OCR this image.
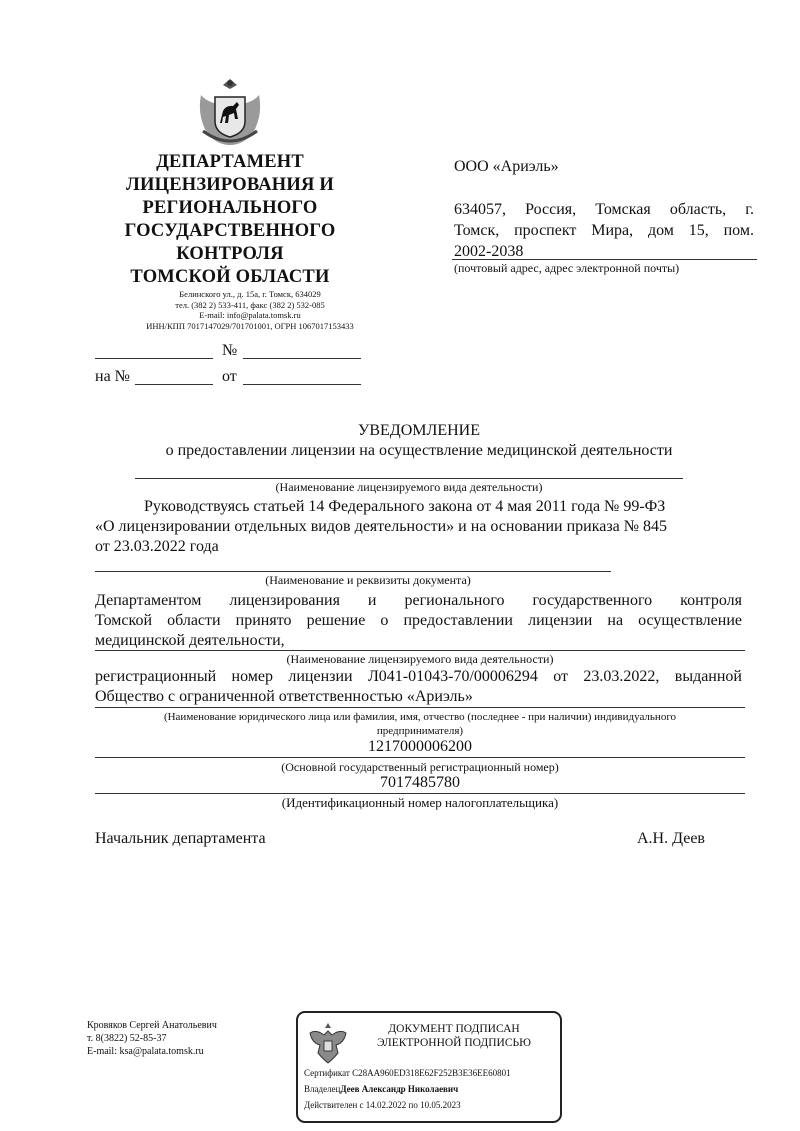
ДЕПАРТАМЕНТ
ЛИЦЕНЗИРОВАНИЯ И
РЕГИОНАЛЬНОГО
ГОСУДАРСТВЕННОГО
КОНТРОЛЯ
ТОМСКОЙ ОБЛАСТИ
Белинского ул., д. 15а, г. Томск, 634029
тел. (382 2) 533-411, факс (382 2) 532-085
E-mail: info@palata.tomsk.ru
ИНН/КПП 7017147029/701701001, ОГРН 1067017153433
№
на №	от
ООО «Ариэль»
634057, Россия, Томская область, г.
Томск, проспект Мира, дом 15, пом.
2002-2038
(почтовый адрес, адрес электронной почты)
УВЕДОМЛЕНИЕ
о предоставлении лицензии на осуществление медицинской деятельности
(Наименование лицензируемого вида деятельности)
Руководствуясь статьей 14 Федерального закона от 4 мая 2011 года № 99-ФЗ
«О лицензировании отдельных видов деятельности» и на основании приказа № 845
от 23.03.2022 года
(Наименование и реквизиты документа)
Департаментом лицензирования и регионального государственного контроля
Томской области принято решение о предоставлении лицензии на осуществление
медицинской деятельности,
(Наименование лицензируемого вида деятельности)
регистрационный номер лицензии Л041-01043-70/00006294 от 23.03.2022, выданной
Общество с ограниченной ответственностью «Ариэль»
(Наименование юридического лица или фамилия, имя, отчество (последнее - при наличии) индивидуального
предпринимателя)
1217000006200
(Основной государственный регистрационный номер)
7017485780
(Идентификационный номер налогоплательщика)
Начальник департамента	А.Н. Деев
Кровяков Сергей Анатольевич
т. 8(3822) 52-85-37
E-mail: ksa@palata.tomsk.ru
ДОКУМЕНТ ПОДПИСАН
ЭЛЕКТРОННОЙ ПОДПИСЬЮ
Сертификат C28AA960ED318E62F252B3E36EE60801
ВладелецДеев Александр Николаевич
Действителен с 14.02.2022 по 10.05.2023
